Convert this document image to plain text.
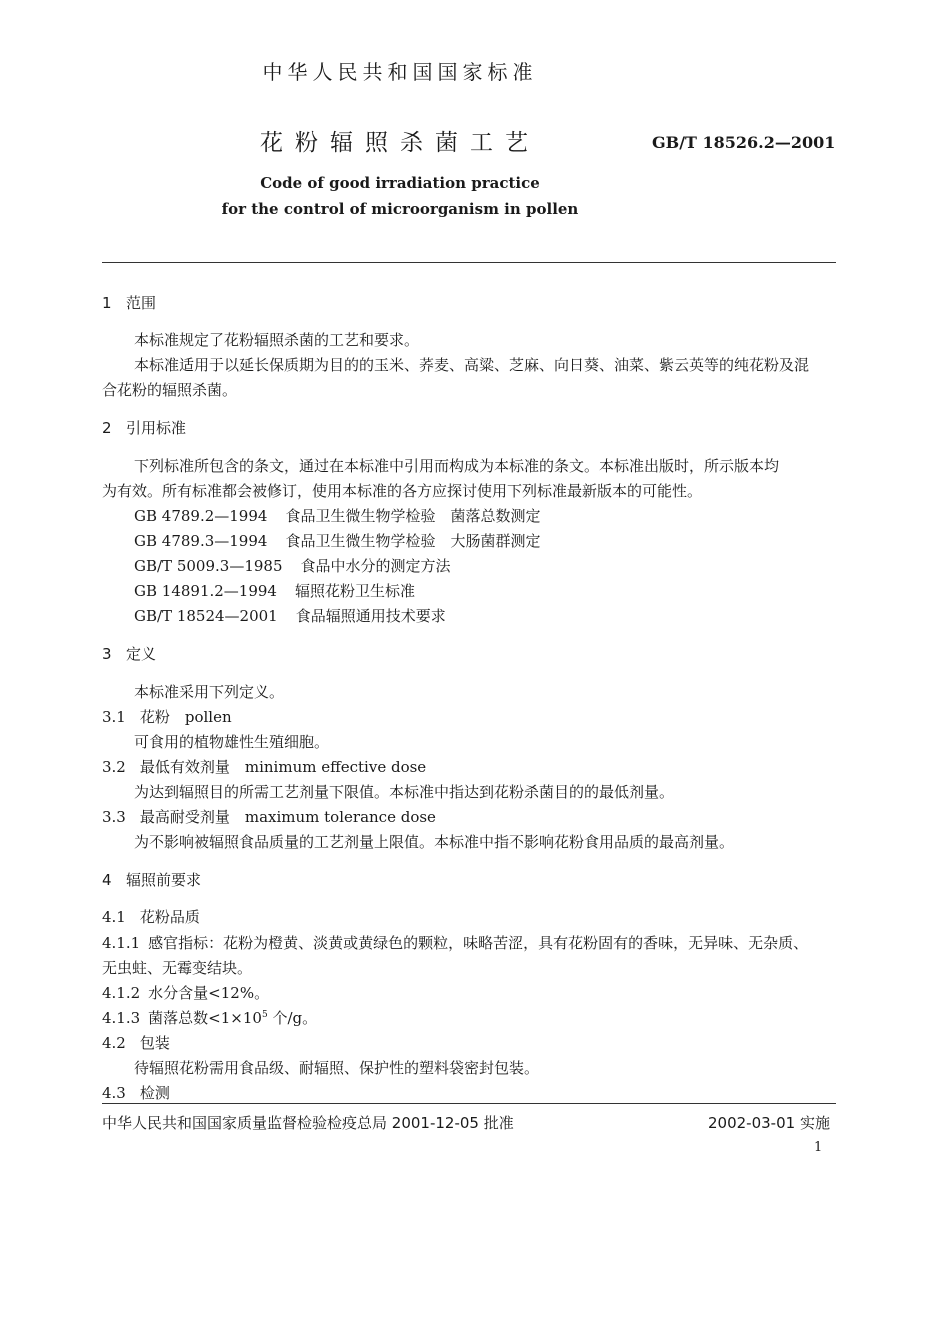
中华人民共和国国家标准
花粉辐照杀菌工艺	GB/T 18526.2—2001
Code of good irradiation practice
for the control of microorganism in pollen
1 范围
本标准规定了花粉辐照杀菌的工艺和要求。
本标准适用于以延长保质期为目的的玉米、荞麦、高粱、芝麻、向日葵、油菜、紫云英等的纯花粉及混
合花粉的辐照杀菌。
2 引用标准
下列标准所包含的条文，通过在本标准中引用而构成为本标准的条文。本标准出版时，所示版本均
为有效。所有标准都会被修订，使用本标准的各方应探讨使用下列标准最新版本的可能性。
GB 4789.2—1994 食品卫生微生物学检验　菌落总数测定
GB 4789.3—1994 食品卫生微生物学检验　大肠菌群测定
GB/T 5009.3—1985 食品中水分的测定方法
GB 14891.2—1994 辐照花粉卫生标准
GB/T 18524—2001 食品辐照通用技术要求
3 定义
本标准采用下列定义。
3.1 花粉　pollen
可食用的植物雄性生殖细胞。
3.2 最低有效剂量　minimum effective dose
为达到辐照目的所需工艺剂量下限值。本标准中指达到花粉杀菌目的的最低剂量。
3.3 最高耐受剂量　maximum tolerance dose
为不影响被辐照食品质量的工艺剂量上限值。本标准中指不影响花粉食用品质的最高剂量。
4 辐照前要求
4.1 花粉品质
4.1.1 感官指标：花粉为橙黄、淡黄或黄绿色的颗粒，味略苦涩，具有花粉固有的香味，无异味、无杂质、
无虫蛀、无霉变结块。
4.1.2 水分含量<12%。
4.1.3 菌落总数$<1\times 10^5$ 个/g。
4.2 包装
待辐照花粉需用食品级、耐辐照、保护性的塑料袋密封包装。
4.3 检测
中华人民共和国国家质量监督检验检疫总局 2001-12-05 批准	2002-03-01 实施
1
